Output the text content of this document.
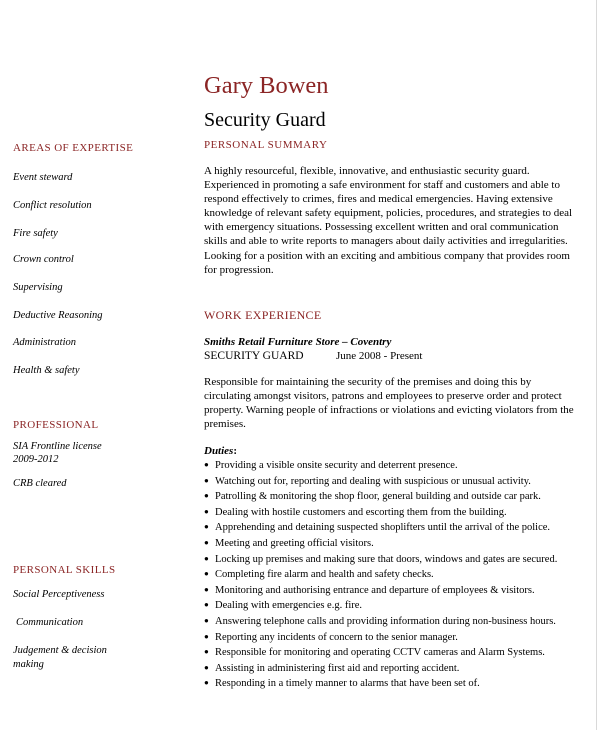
Gary Bowen
Security Guard
AREAS OF EXPERTISE
Event steward
Conflict resolution
Fire safety
Crown control
Supervising
Deductive Reasoning
Administration
Health & safety
PROFESSIONAL
SIA Frontline license
2009-2012
CRB cleared
PERSONAL SKILLS
Social Perceptiveness
Communication
Judgement & decision
making
PERSONAL SUMMARY

A highly resourceful, flexible, innovative, and enthusiastic security guard. Experienced in promoting a safe environment for staff and customers and able to respond effectively to crimes, fires and medical emergencies. Having extensive knowledge of relevant safety equipment, policies, procedures, and strategies to deal with emergency situations. Possessing excellent written and oral communication skills and able to write reports to managers about daily activities and irregularities.

Looking for a position with an exciting and ambitious company that provides room for progression.

WORK EXPERIENCE
Smiths Retail Furniture Store – Coventry
SECURITY GUARD	June 2008 - Present
Responsible for maintaining the security of the premises and doing this by circulating amongst visitors, patrons and employees to preserve order and protect property. Warning people of infractions or violations and evicting violators from the premises.
Duties:
● Providing a visible onsite security and deterrent presence.
● Watching out for, reporting and dealing with suspicious or unusual activity.
● Patrolling & monitoring the shop floor, general building and outside car park.
● Dealing with hostile customers and escorting them from the building.
● Apprehending and detaining suspected shoplifters until the arrival of the police.
● Meeting and greeting official visitors.
● Locking up premises and making sure that doors, windows and gates are secured.
● Completing fire alarm and health and safety checks.
● Monitoring and authorising entrance and departure of employees & visitors.
● Dealing with emergencies e.g. fire.
● Answering telephone calls and providing information during non-business hours.
● Reporting any incidents of concern to the senior manager.
● Responsible for monitoring and operating CCTV cameras and Alarm Systems.
● Assisting in administering first aid and reporting accident.
● Responding in a timely manner to alarms that have been set of.
